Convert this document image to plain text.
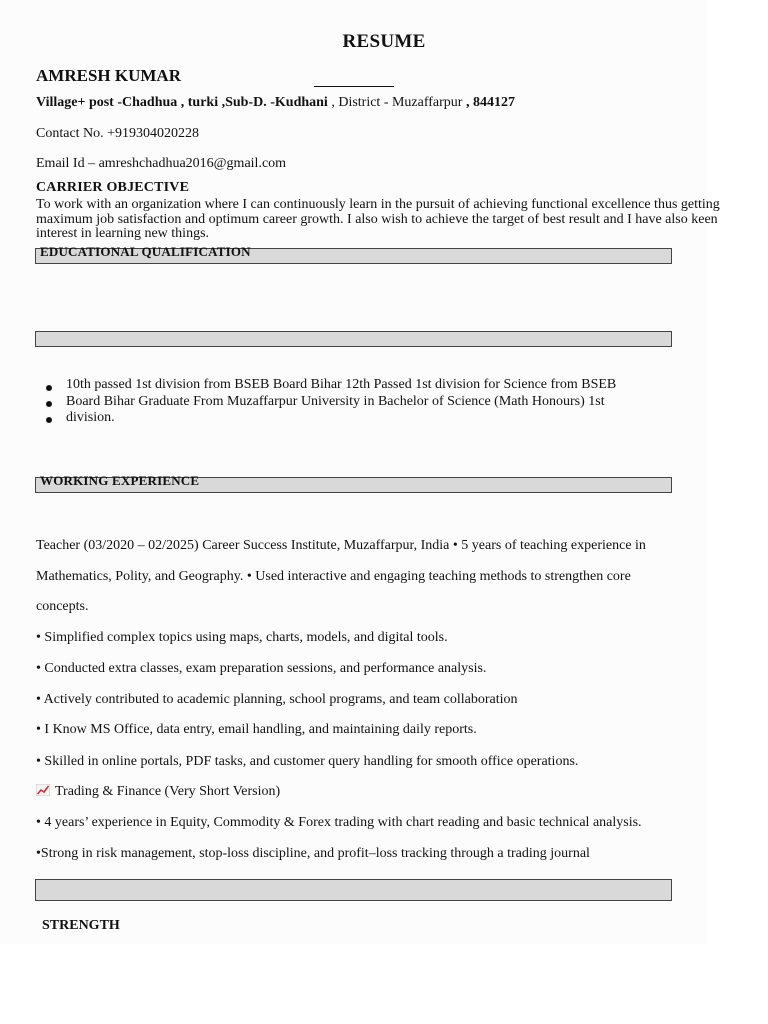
RESUME
AMRESH KUMAR
Village+ post -Chadhua , turki ,Sub-D. -Kudhani , District - Muzaffarpur , 844127
Contact No. +919304020228
Email Id – amreshchadhua2016@gmail.com
CARRIER OBJECTIVE
To work with an organization where I can continuously learn in the pursuit of achieving functional excellence thus getting maximum job satisfaction and optimum career growth. I also wish to achieve the target of best result and I have also keen interest in learning new things.
EDUCATIONAL QUALIFICATION
10th passed 1st division from BSEB Board Bihar 12th Passed 1st division for Science from BSEB Board Bihar Graduate From Muzaffarpur University in Bachelor of Science (Math Honours) 1st division.
WORKING EXPERIENCE
Teacher (03/2020 – 02/2025) Career Success Institute, Muzaffarpur, India • 5 years of teaching experience in
Mathematics, Polity, and Geography. • Used interactive and engaging teaching methods to strengthen core
concepts.
• Simplified complex topics using maps, charts, models, and digital tools.
• Conducted extra classes, exam preparation sessions, and performance analysis.
• Actively contributed to academic planning, school programs, and team collaboration
• I Know MS Office, data entry, email handling, and maintaining daily reports.
• Skilled in online portals, PDF tasks, and customer query handling for smooth office operations.
Trading & Finance (Very Short Version)
• 4 years’ experience in Equity, Commodity & Forex trading with chart reading and basic technical analysis.
•Strong in risk management, stop-loss discipline, and profit–loss tracking through a trading journal
STRENGTH
